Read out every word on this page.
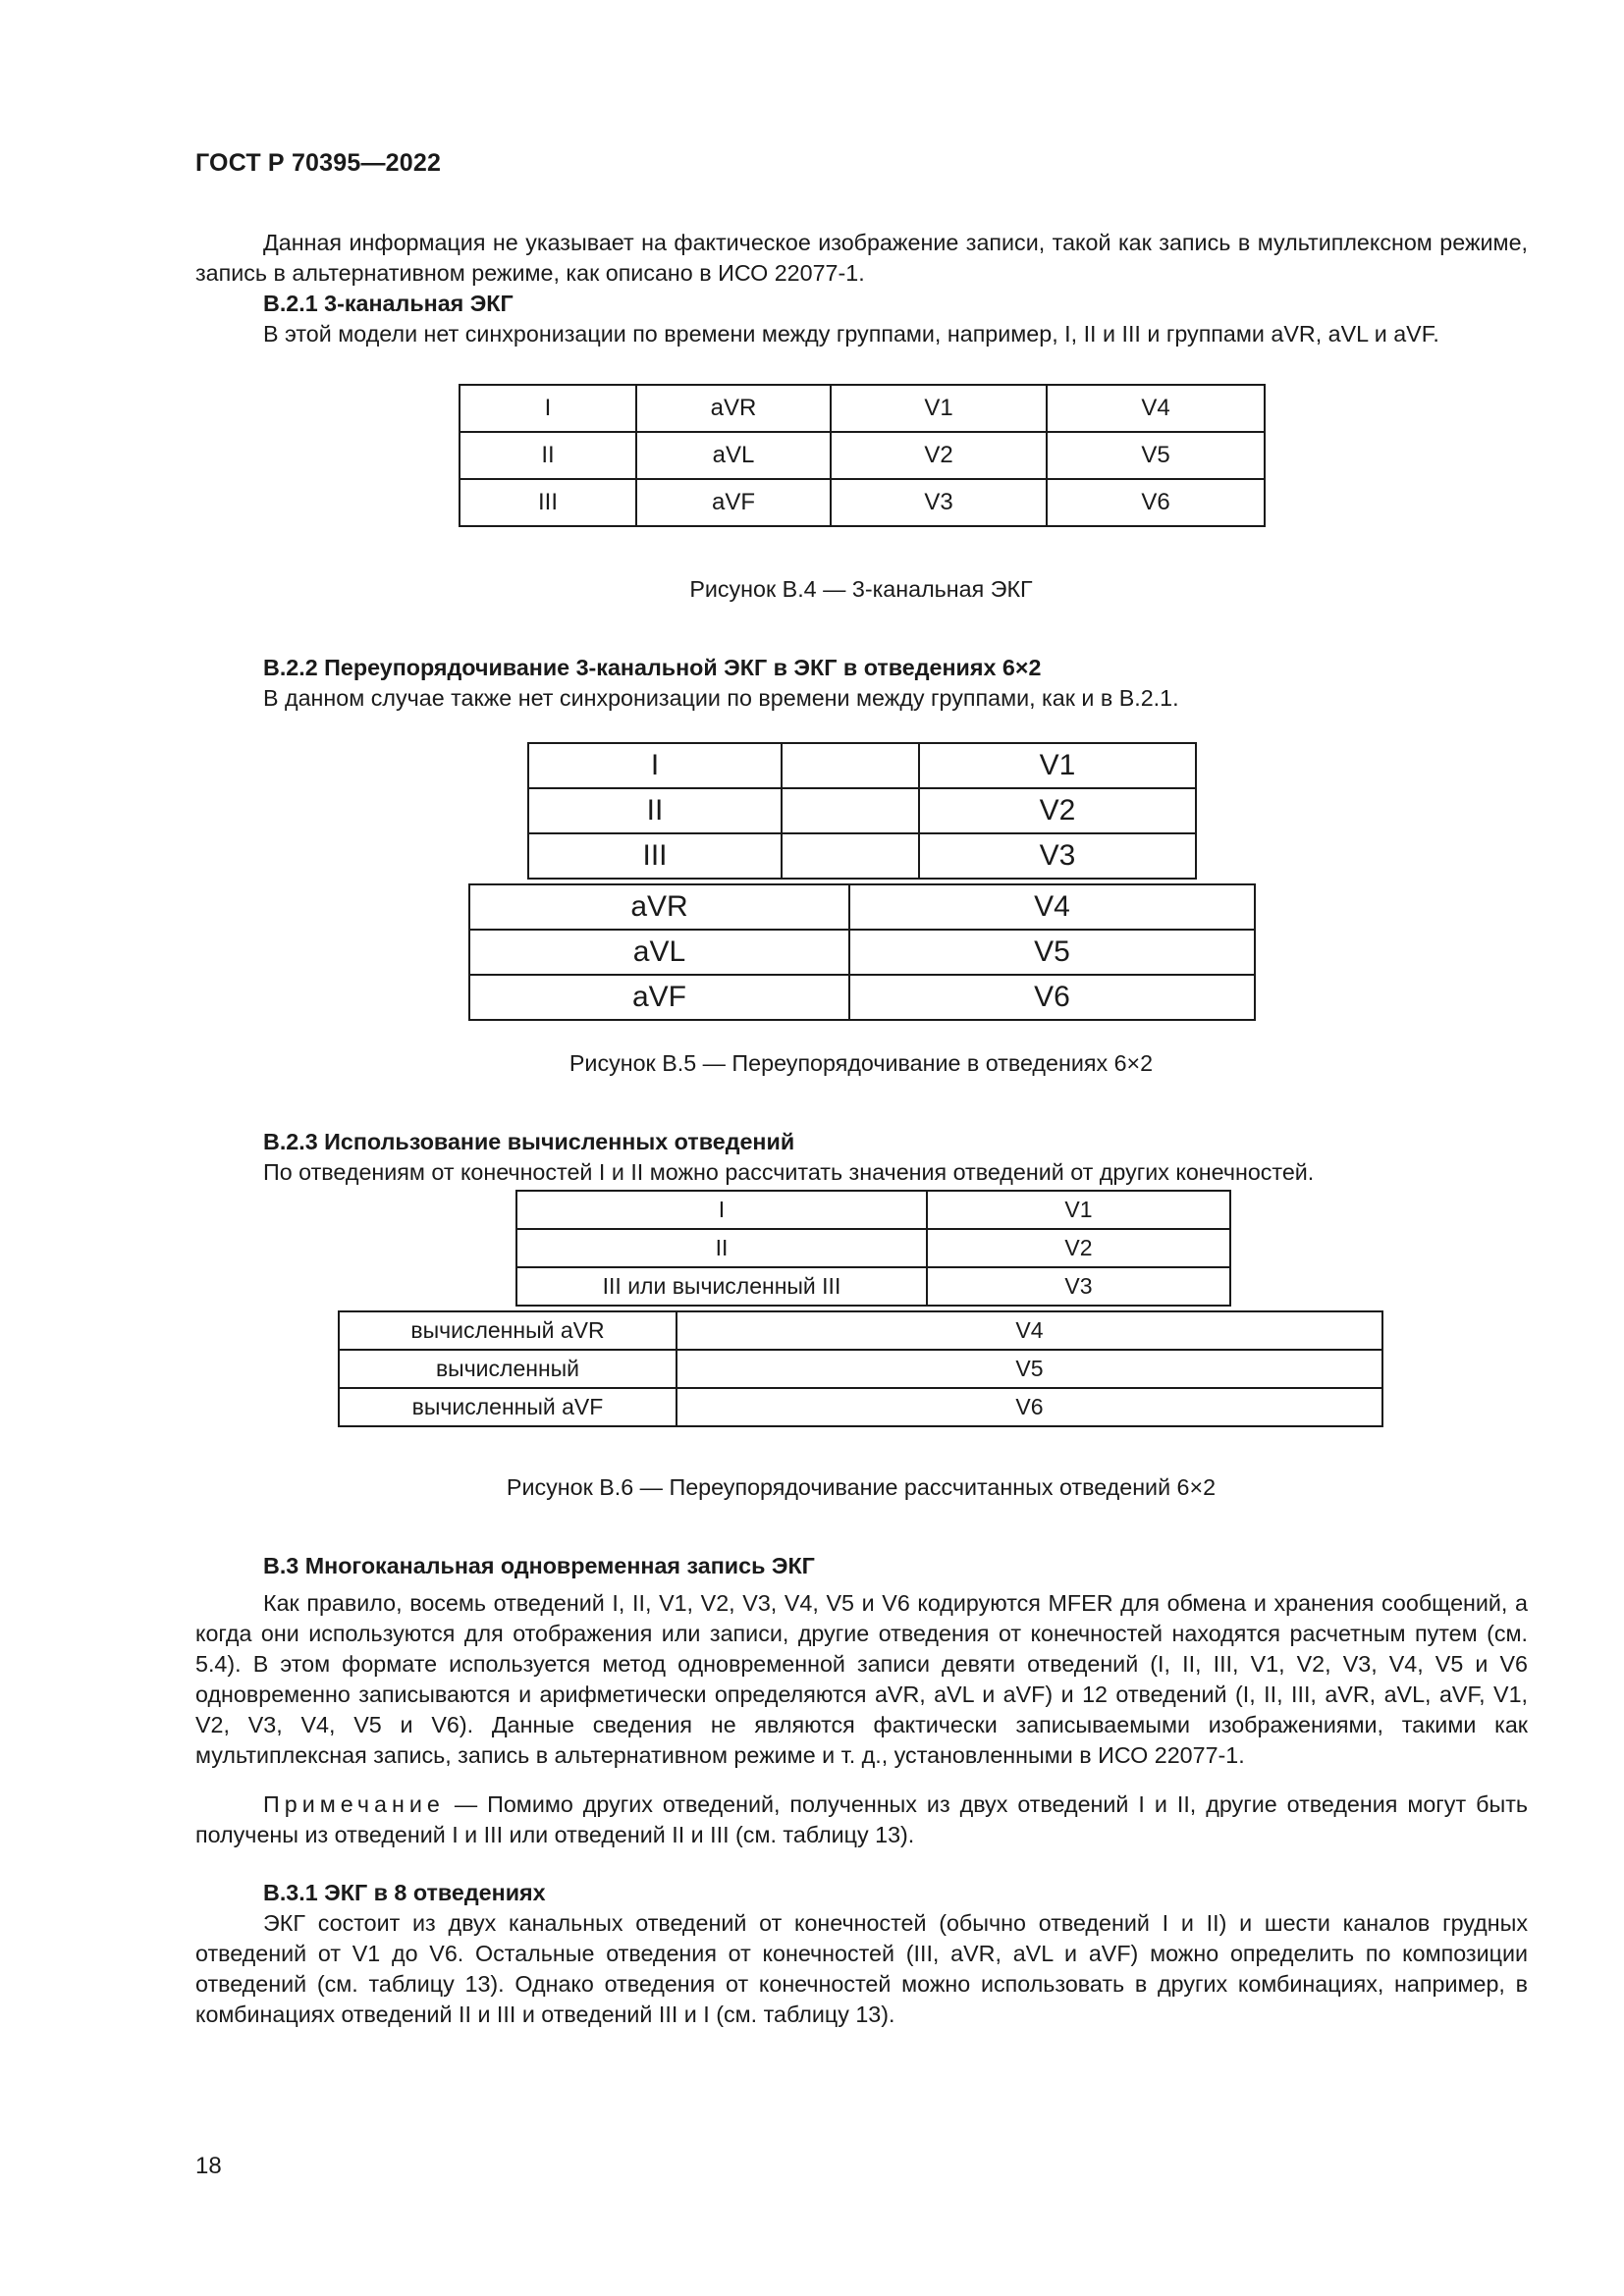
ГОСТ Р 70395—2022
Данная информация не указывает на фактическое изображение записи, такой как запись в мультиплексном режиме, запись в альтернативном режиме, как описано в ИСО 22077-1.
В.2.1 3-канальная ЭКГ
В этой модели нет синхронизации по времени между группами, например, I, II и III и группами aVR, aVL и aVF.
I	aVR	V1	V4
II	aVL	V2	V5
III	aVF	V3	V6
Рисунок В.4 — 3-канальная ЭКГ
В.2.2 Переупорядочивание 3-канальной ЭКГ в ЭКГ в отведениях 6×2
В данном случае также нет синхронизации по времени между группами, как и в В.2.1.
I		V1
II		V2
III		V3
aVR	V4
aVL	V5
aVF	V6
Рисунок В.5 — Переупорядочивание в отведениях 6×2
В.2.3 Использование вычисленных отведений
По отведениям от конечностей I и II можно рассчитать значения отведений от других конечностей.
I	V1
II	V2
III или вычисленный III	V3
вычисленный aVR	V4
вычисленный	V5
вычисленный aVF	V6
Рисунок В.6 — Переупорядочивание рассчитанных отведений 6×2
В.3 Многоканальная одновременная запись ЭКГ
Как правило, восемь отведений I, II, V1, V2, V3, V4, V5 и V6 кодируются MFER для обмена и хранения сообщений, а когда они используются для отображения или записи, другие отведения от конечностей находятся расчетным путем (см. 5.4). В этом формате используется метод одновременной записи девяти отведений (I, II, III, V1, V2, V3, V4, V5 и V6 одновременно записываются и арифметически определяются aVR, aVL и aVF) и 12 отведений (I, II, III, aVR, aVL, aVF, V1, V2, V3, V4, V5 и V6). Данные сведения не являются фактически записываемыми изображениями, такими как мультиплексная запись, запись в альтернативном режиме и т. д., установленными в ИСО 22077-1.
Примечание — Помимо других отведений, полученных из двух отведений I и II, другие отведения могут быть получены из отведений I и III или отведений II и III (см. таблицу 13).
В.3.1 ЭКГ в 8 отведениях
ЭКГ состоит из двух канальных отведений от конечностей (обычно отведений I и II) и шести каналов грудных отведений от V1 до V6. Остальные отведения от конечностей (III, aVR, aVL и aVF) можно определить по композиции отведений (см. таблицу 13). Однако отведения от конечностей можно использовать в других комбинациях, например, в комбинациях отведений II и III и отведений III и I (см. таблицу 13).
18
